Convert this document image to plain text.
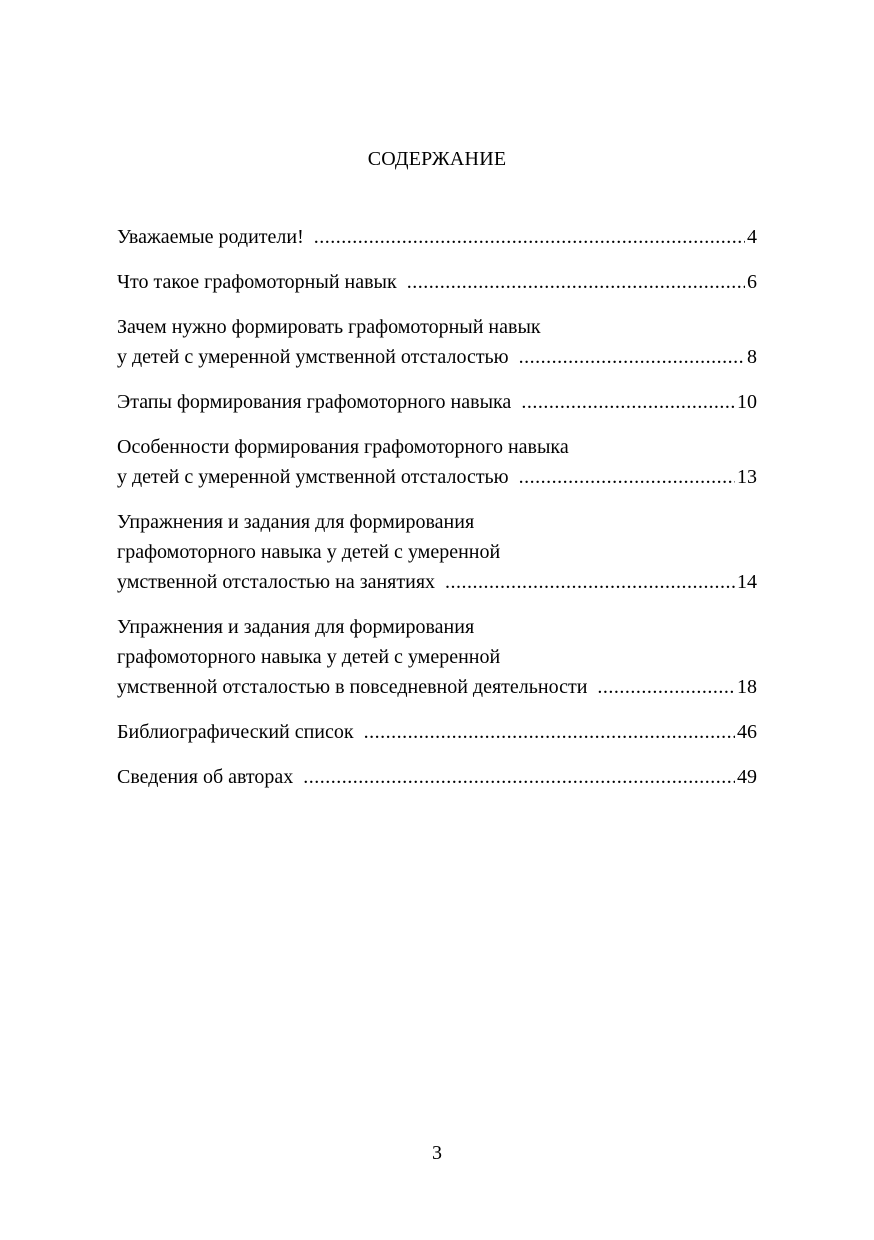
СОДЕРЖАНИЕ
Уважаемые родители! .....	4
Что такое графомоторный навык .....	6
Зачем нужно формировать графомоторный навык
у детей с умеренной умственной отсталостью .....	8
Этапы формирования графомоторного навыка .....	10
Особенности формирования графомоторного навыка
у детей с умеренной умственной отсталостью .....	13
Упражнения и задания для формирования
графомоторного навыка у детей с умеренной
умственной отсталостью на занятиях .....	14
Упражнения и задания для формирования
графомоторного навыка у детей с умеренной
умственной отсталостью в повседневной деятельности .....	18
Библиографический список .....	46
Сведения об авторах .....	49
3
